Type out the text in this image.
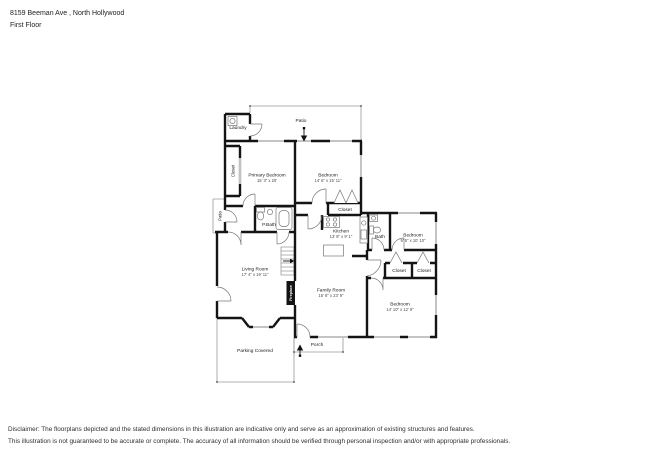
8159 Beeman Ave , North Hollywood
First Floor
Laundry
Patio
Closet Primary Bedroom
15' 3" x 20'
Bedroom
14' 6" x 15' 11"
Closet
Patio
P.Bath
Kitchen
13' 8" x 9' 1" Bath Bedroom
9' 5" x 10' 10"
Closet Closet
Living Room
17' 4" x 19' 11"
Fireplace Family Room
15' 8" x 23' 9"
Bedroom
14' 10" x 12' 9"
Porch
Parking Covered
Disclaimer: The floorplans depicted and the stated dimensions in this illustration are indicative only and serve as an approximation of existing structures and features.
This illustration is not guaranteed to be accurate or complete. The accuracy of all information should be verified through personal inspection and/or with appropriate professionals.
